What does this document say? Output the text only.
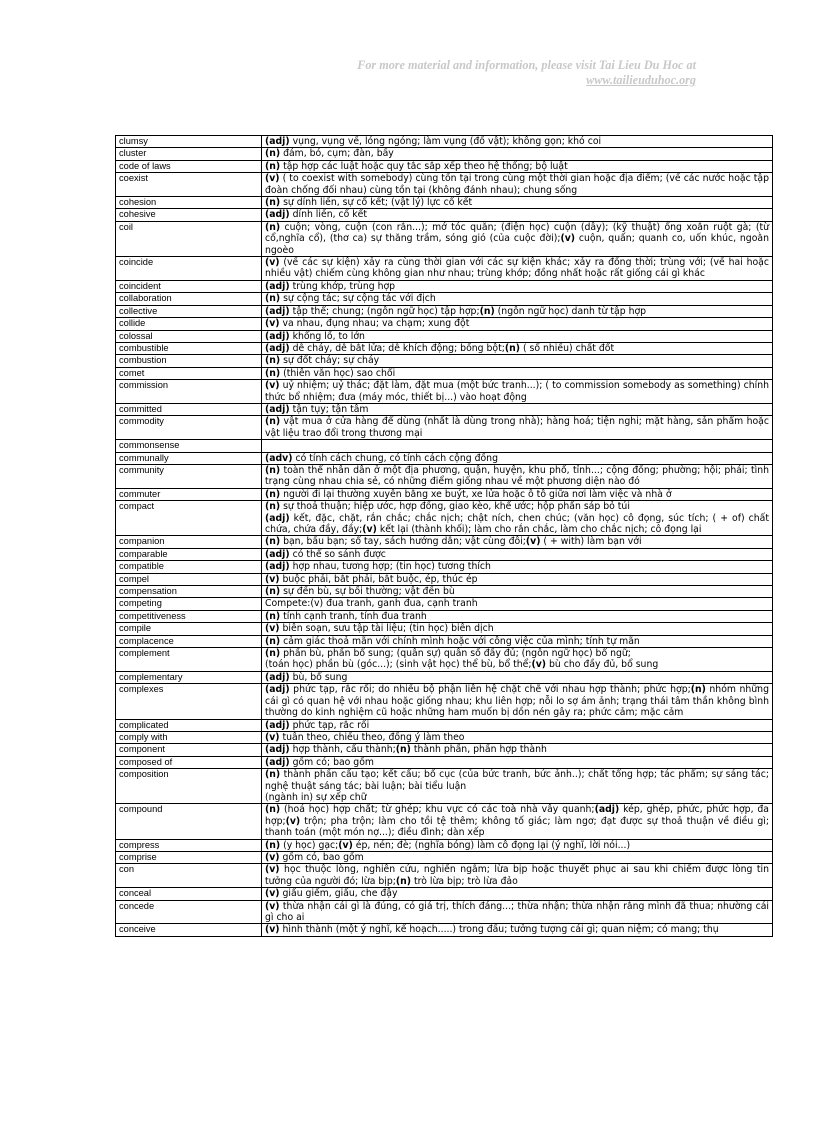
For more material and information, please visit Tai Lieu Du Hoc at
www.tailieuduhoc.org
clumsy	(adj) vụng, vụng về, lóng ngóng; làm vụng (đồ vật); không gọn; khó coi
cluster	(n) đám, bó, cụm; đàn, bầy
code of laws	(n) tập hợp các luật hoặc quy tắc sắp xếp theo hệ thống; bộ luật
coexist	(v) ( to coexist with somebody) cùng tồn tại trong cùng một thời gian hoặc địa điểm; (về các nước hoặc tập đoàn chống đối nhau) cùng tồn tại (không đánh nhau); chung sống
cohesion	(n) sự dính liền, sự cố kết; (vật lý) lực cố kết
cohesive	(adj) dính liền, cố kết
coil	(n) cuộn; vòng, cuộn (con rắn...); mớ tóc quăn; (điện học) cuộn (dây); (kỹ thuật) ống xoắn ruột gà; (từ cổ,nghĩa cổ), (thơ ca) sự thăng trầm, sóng gió (của cuộc đời);(v) cuộn, quấn; quanh co, uốn khúc, ngoằn ngoèo
coincide	(v) (về các sự kiện) xảy ra cùng thời gian với các sự kiện khác; xảy ra đồng thời; trùng với; (về hai hoặc nhiều vật) chiếm cùng không gian như nhau; trùng khớp; đồng nhất hoặc rất giống cái gì khác
coincident	(adj) trùng khớp, trùng hợp
collaboration	(n) sự cộng tác; sự cộng tác với địch
collective	(adj) tập thể; chung; (ngôn ngữ học) tập hợp;(n) (ngôn ngữ học) danh từ tập hợp
collide	(v) va nhau, đụng nhau; va chạm; xung đột
colossal	(adj) khổng lồ, to lớn
combustible	(adj) dễ cháy, dễ bắt lửa; dễ khích động; bồng bột;(n) ( số nhiều) chất đốt
combustion	(n) sự đốt cháy; sự cháy
comet	(n) (thiên văn học) sao chổi
commission	(v) uỷ nhiệm; uỷ thác; đặt làm, đặt mua (một bức tranh...); ( to commission somebody as something) chính thức bổ nhiệm; đưa (máy móc, thiết bị...) vào hoạt động
committed	(adj) tận tụy; tận tâm
commodity	(n) vật mua ở cửa hàng để dùng (nhất là dùng trong nhà); hàng hoá; tiện nghi; mặt hàng, sản phẩm hoặc vật liệu trao đổi trong thương mại
commonsense	
communally	(adv) có tính cách chung, có tính cách cộng đồng
community	(n) toàn thể nhân dân ở một địa phương, quận, huyện, khu phố, tỉnh...; cộng đồng; phường; hội; phái; tình trạng cùng nhau chia sẻ, có những điểm giống nhau về một phương diện nào đó
commuter	(n) người đi lại thường xuyên bằng xe buýt, xe lửa hoặc ô tô giữa nơi làm việc và nhà ở
compact	(n) sự thoả thuận; hiệp ước, hợp đồng, giao kèo, khế ước; hộp phấn sáp bỏ túi
(adj) kết, đặc, chặt, rắn chắc; chắc nịch; chật ních, chen chúc; (văn học) cô đọng, súc tích; ( + of) chất chứa, chứa đầy, đầy;(v) kết lại (thành khối); làm cho rắn chắc, làm cho chắc nịch; cô đọng lại
companion	(n) bạn, bầu bạn; sổ tay, sách hướng dẫn; vật cùng đôi;(v) ( + with) làm bạn với
comparable	(adj) có thể so sánh được
compatible	(adj) hợp nhau, tương hợp; (tin học) tương thích
compel	(v) buộc phải, bắt phải, bắt buộc, ép, thúc ép
compensation	(n) sự đền bù, sự bồi thường; vật đền bù
competing	Compete:(v) đua tranh, ganh đua, cạnh tranh
competitiveness	(n) tính cạnh tranh, tính đua tranh
compile	(v) biên soạn, sưu tập tài liệu; (tin học) biên dịch
complacence	(n) cảm giác thoả mãn với chính mình hoặc với công việc của mình; tính tự mãn
complement	(n) phần bù, phần bổ sung; (quân sự) quân số đầy đủ; (ngôn ngữ học) bổ ngữ;
(toán học) phần bù (góc...); (sinh vật học) thể bù, bổ thể;(v) bù cho đầy đủ, bổ sung
complementary	(adj) bù, bổ sung
complexes	(adj) phức tạp, rắc rối; do nhiều bộ phận liên hệ chặt chẽ với nhau hợp thành; phức hợp;(n) nhóm những cái gì có quan hệ với nhau hoặc giống nhau; khu liên hợp; nỗi lo sợ ám ảnh; trạng thái tâm thần không bình thường do kinh nghiệm cũ hoặc những ham muốn bị dồn nén gây ra; phức cảm; mặc cảm
complicated	(adj) phức tạp, rắc rối
comply with	(v) tuân theo, chiều theo, đồng ý làm theo
component	(adj) hợp thành, cấu thành;(n) thành phần, phần hợp thành
composed of	(adj) gồm có; bao gồm
composition	(n) thành phần cấu tạo; kết cấu; bố cục (của bức tranh, bức ảnh..); chất tổng hợp; tác phẩm; sự sáng tác; nghệ thuật sáng tác; bài luận; bài tiểu luận
(ngành in) sự xếp chữ
compound	(n) (hoá học) hợp chất; từ ghép; khu vực có các toà nhà vây quanh;(adj) kép, ghép, phức, phức hợp, đa hợp;(v) trộn; pha trộn; làm cho tồi tệ thêm; không tố giác; làm ngơ; đạt được sự thoả thuận về điều gì; thanh toán (một món nợ...); điều đình; dàn xếp
compress	(n) (y học) gạc;(v) ép, nén; đè; (nghĩa bóng) làm cô đọng lại (ý nghĩ, lời nói...)
comprise	(v) gồm có, bao gồm
con	(v) học thuộc lòng, nghiên cứu, nghiền ngẫm; lừa bịp hoặc thuyết phục ai sau khi chiếm được lòng tin tưởng của người đó; lừa bịp;(n) trò lừa bịp; trò lừa đảo
conceal	(v) giấu giếm, giấu, che đậy
concede	(v) thừa nhận cái gì là đúng, có giá trị, thích đáng...; thừa nhận; thừa nhận rằng mình đã thua; nhường cái gì cho ai
conceive	(v) hình thành (một ý nghĩ, kế hoạch.....) trong đầu; tưởng tượng cái gì; quan niệm; có mang; thụ
